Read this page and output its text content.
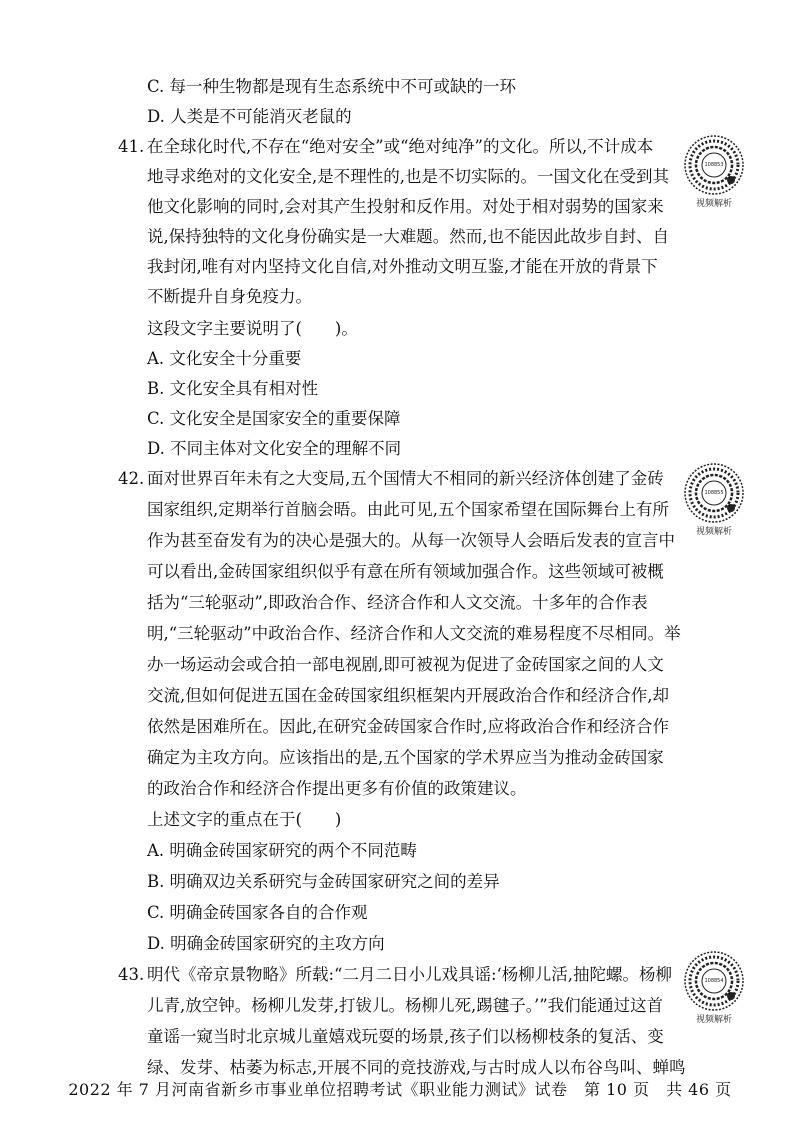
C. 每一种生物都是现有生态系统中不可或缺的一环
D. 人类是不可能消灭老鼠的
41. 在全球化时代,不存在“绝对安全”或“绝对纯净”的文化。所以,不计成本
地寻求绝对的文化安全,是不理性的,也是不切实际的。一国文化在受到其
他文化影响的同时,会对其产生投射和反作用。对处于相对弱势的国家来
说,保持独特的文化身份确实是一大难题。然而,也不能因此故步自封、自
我封闭,唯有对内坚持文化自信,对外推动文明互鉴,才能在开放的背景下
不断提升自身免疫力。
这段文字主要说明了(　　)。
A. 文化安全十分重要
B. 文化安全具有相对性
C. 文化安全是国家安全的重要保障
D. 不同主体对文化安全的理解不同
108853
视频解析
42. 面对世界百年未有之大变局,五个国情大不相同的新兴经济体创建了金砖
国家组织,定期举行首脑会晤。由此可见,五个国家希望在国际舞台上有所
作为甚至奋发有为的决心是强大的。从每一次领导人会晤后发表的宣言中
可以看出,金砖国家组织似乎有意在所有领域加强合作。这些领域可被概
括为“三轮驱动”,即政治合作、经济合作和人文交流。十多年的合作表
明,“三轮驱动”中政治合作、经济合作和人文交流的难易程度不尽相同。举
办一场运动会或合拍一部电视剧,即可被视为促进了金砖国家之间的人文
交流,但如何促进五国在金砖国家组织框架内开展政治合作和经济合作,却
依然是困难所在。因此,在研究金砖国家合作时,应将政治合作和经济合作
确定为主攻方向。应该指出的是,五个国家的学术界应当为推动金砖国家
的政治合作和经济合作提出更多有价值的政策建议。
上述文字的重点在于(　　)
A. 明确金砖国家研究的两个不同范畴
B. 明确双边关系研究与金砖国家研究之间的差异
C. 明确金砖国家各自的合作观
D. 明确金砖国家研究的主攻方向
108855
视频解析
43. 明代《帝京景物略》所载:“二月二日小儿戏具谣:‘杨柳儿活,抽陀螺。杨柳
儿青,放空钟。杨柳儿发芽,打钹儿。杨柳儿死,踢毽子。’”我们能通过这首
童谣一窥当时北京城儿童嬉戏玩耍的场景,孩子们以杨柳枝条的复活、变
绿、发芽、枯萎为标志,开展不同的竞技游戏,与古时成人以布谷鸟叫、蝉鸣
108854
视频解析
2022 年 7 月河南省新乡市事业单位招聘考试《职业能力测试》试卷　第 10 页　共 46 页
